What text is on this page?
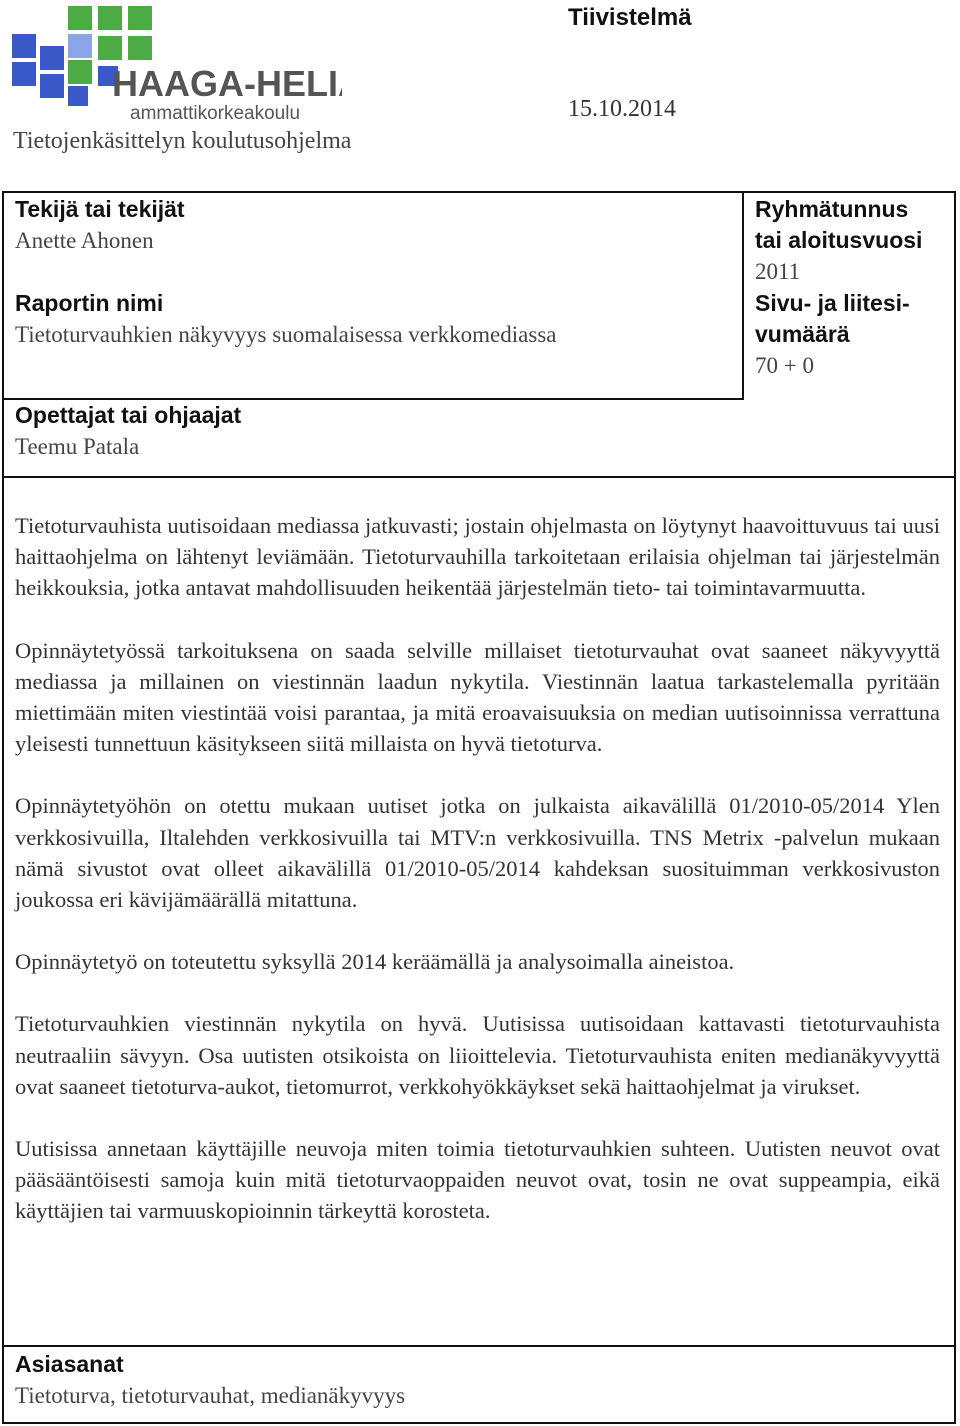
HAAGA-HELIA
ammattikorkeakoulu
Tietojenkäsittelyn koulutusohjelma
Tiivistelmä
15.10.2014
Tekijä tai tekijät
Anette Ahonen
Raportin nimi
Tietoturvauhkien näkyvyys suomalaisessa verkkomediassa
Opettajat tai ohjaajat
Teemu Patala
Ryhmätunnus
tai aloitusvuosi
2011
Sivu- ja liitesi-
vumäärä
70 + 0

Tietoturvauhista uutisoidaan mediassa jatkuvasti; jostain ohjelmasta on löytynyt haavoittuvuus tai uusi haittaohjelma on lähtenyt leviämään. Tietoturvauhilla tarkoitetaan erilaisia ohjelman tai järjestelmän heikkouksia, jotka antavat mahdollisuuden heikentää järjestelmän tieto- tai toimintavarmuutta.

Opinnäytetyössä tarkoituksena on saada selville millaiset tietoturvauhat ovat saaneet näkyvyyttä mediassa ja millainen on viestinnän laadun nykytila. Viestinnän laatua tarkastelemalla pyritään miettimään miten viestintää voisi parantaa, ja mitä eroavaisuuksia on median uutisoinnissa verrattuna yleisesti tunnettuun käsitykseen siitä millaista on hyvä tietoturva.

Opinnäytetyöhön on otettu mukaan uutiset jotka on julkaista aikavälillä 01/2010-05/2014 Ylen verkkosivuilla, Iltalehden verkkosivuilla tai MTV:n verkkosivuilla. TNS Metrix -palvelun mukaan nämä sivustot ovat olleet aikavälillä 01/2010-05/2014 kahdeksan suosituimman verkkosivuston joukossa eri kävijämäärällä mitattuna.

Opinnäytetyö on toteutettu syksyllä 2014 keräämällä ja analysoimalla aineistoa.

Tietoturvauhkien viestinnän nykytila on hyvä. Uutisissa uutisoidaan kattavasti tietoturvauhista neutraaliin sävyyn. Osa uutisten otsikoista on liioittelevia. Tietoturvauhista eniten medianäkyvyyttä ovat saaneet tietoturva-aukot, tietomurrot, verkkohyökkäykset sekä haittaohjelmat ja virukset.

Uutisissa annetaan käyttäjille neuvoja miten toimia tietoturvauhkien suhteen. Uutisten neuvot ovat pääsääntöisesti samoja kuin mitä tietoturvaoppaiden neuvot ovat, tosin ne ovat suppeampia, eikä käyttäjien tai varmuuskopioinnin tärkeyttä korosteta.

Asiasanat
Tietoturva, tietoturvauhat, medianäkyvyys
